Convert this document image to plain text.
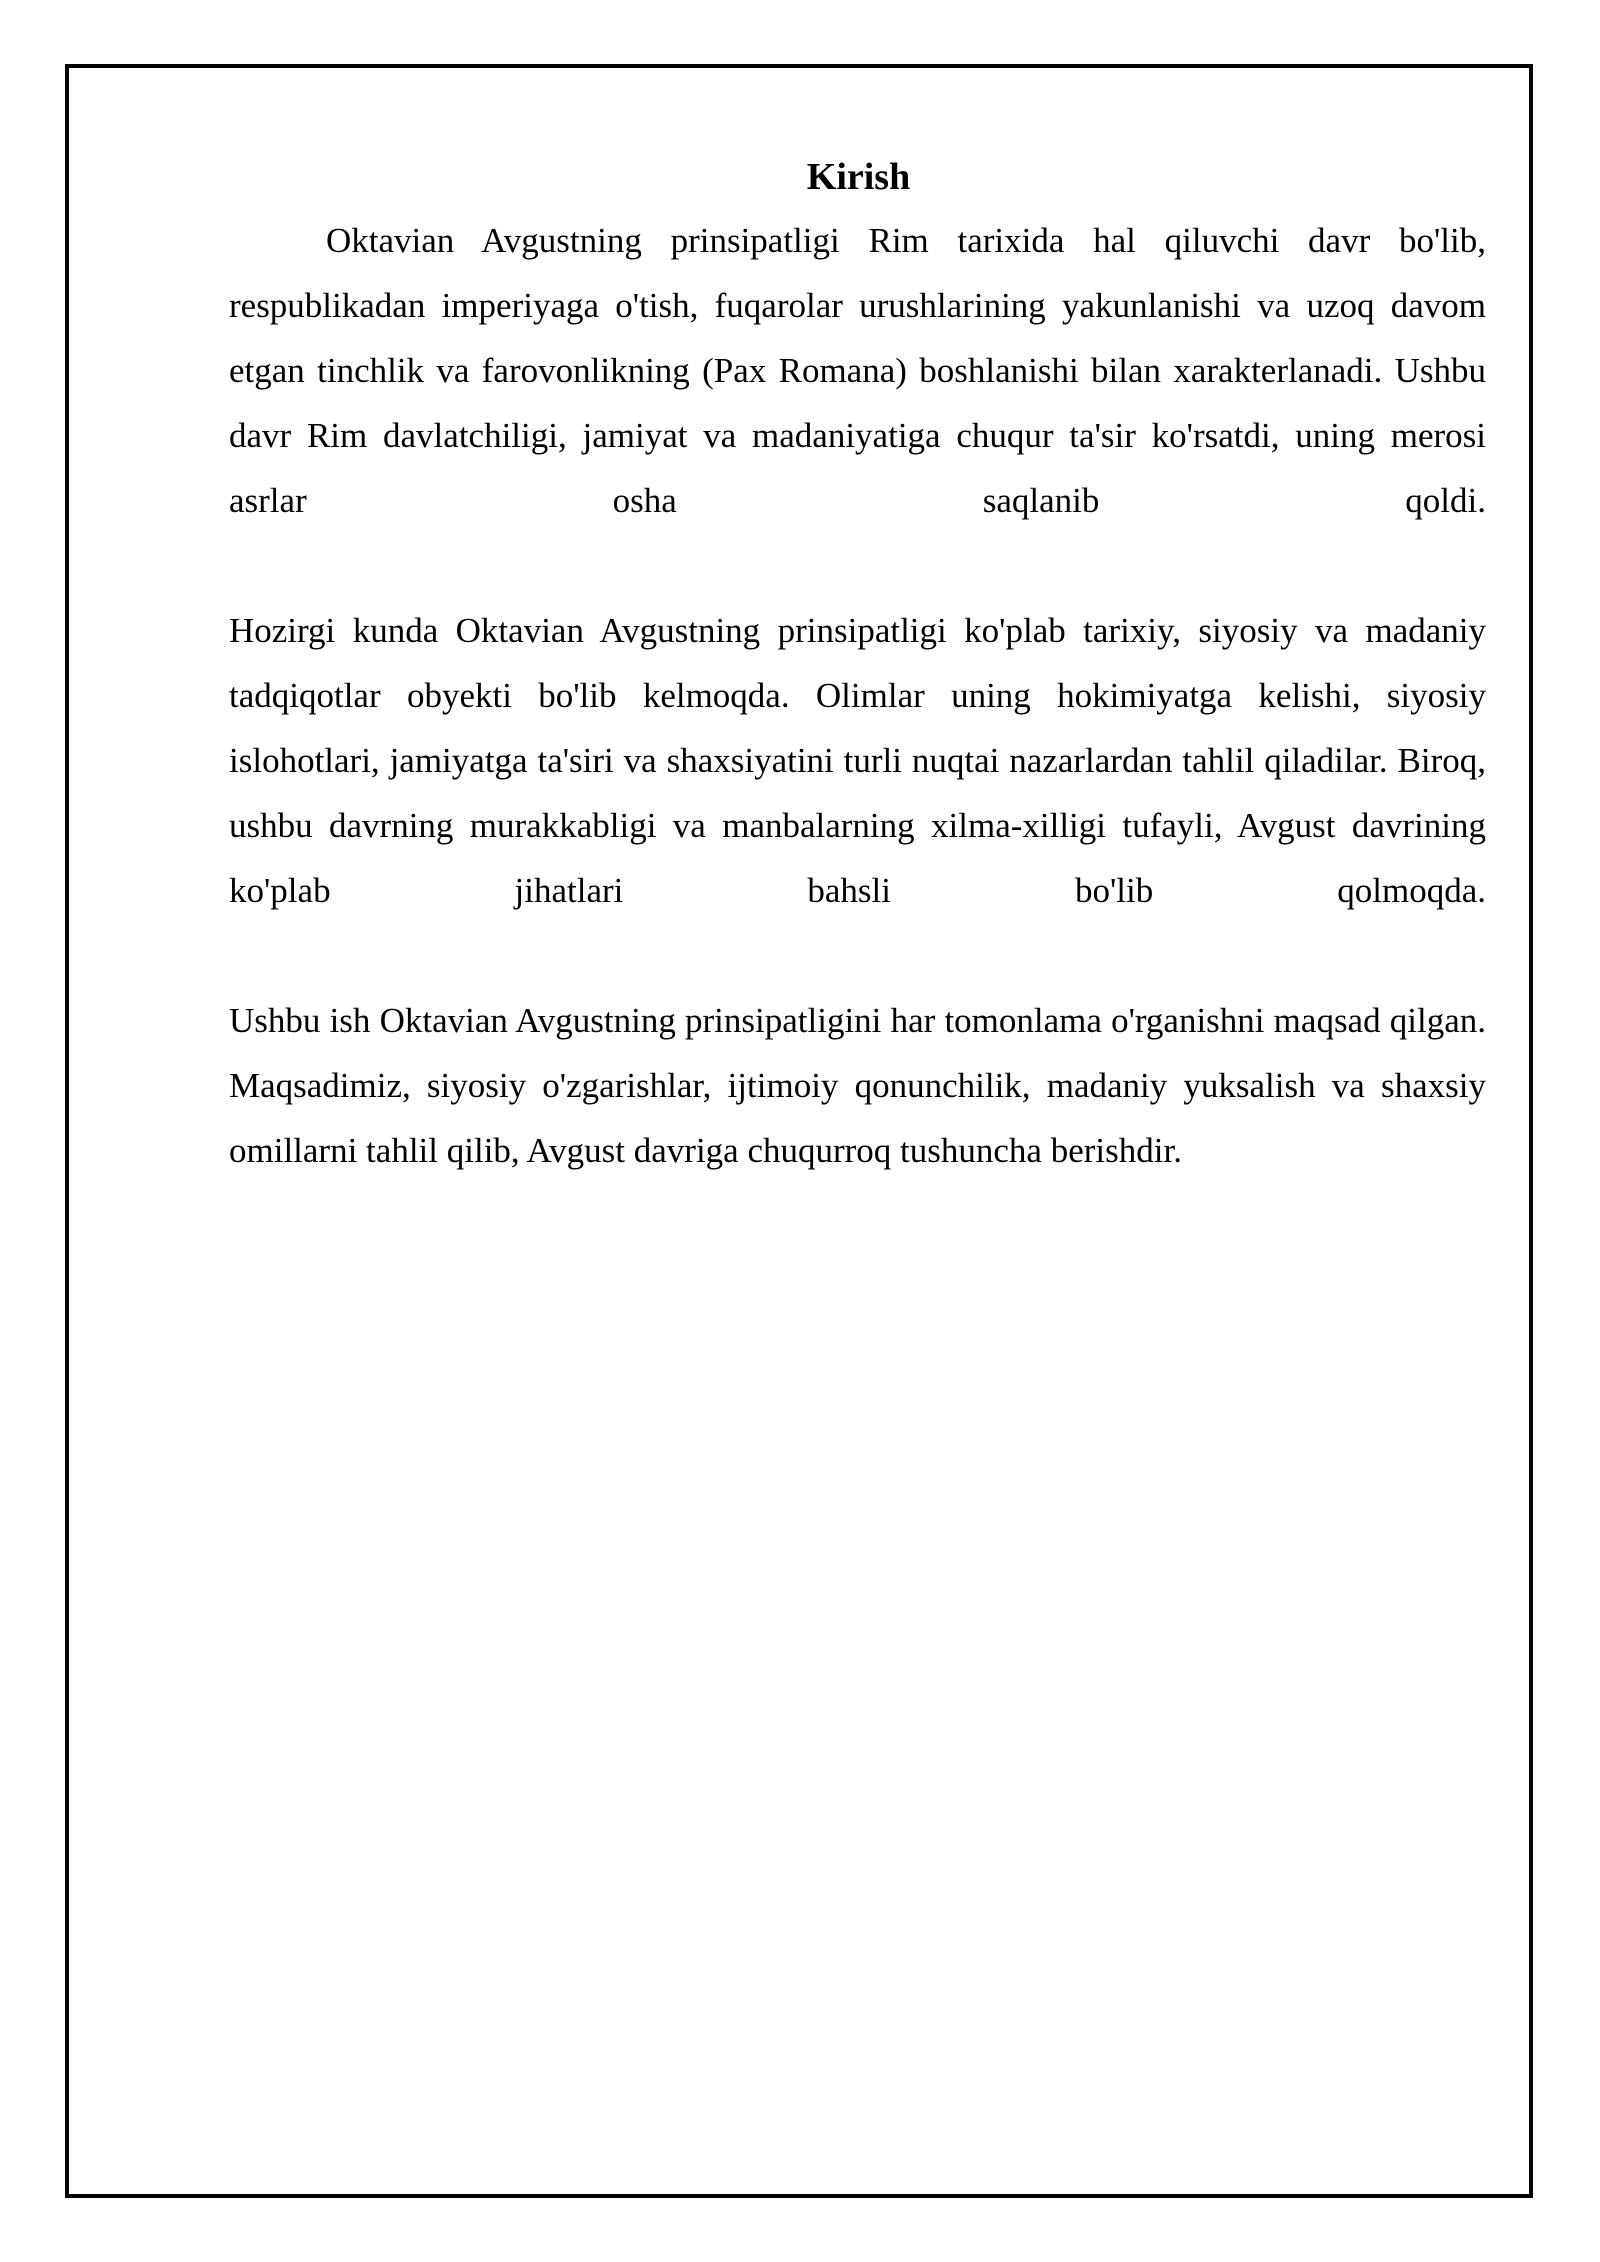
Kirish

Oktavian Avgustning prinsipatligi Rim tarixida hal qiluvchi davr bo'lib, respublikadan imperiyaga o'tish, fuqarolar urushlarining yakunlanishi va uzoq davom etgan tinchlik va farovonlikning (Pax Romana) boshlanishi bilan xarakterlanadi. Ushbu davr Rim davlatchiligi, jamiyat va madaniyatiga chuqur ta'sir ko'rsatdi, uning merosi asrlar osha saqlanib qoldi.

Hozirgi kunda Oktavian Avgustning prinsipatligi ko'plab tarixiy, siyosiy va madaniy tadqiqotlar obyekti bo'lib kelmoqda. Olimlar uning hokimiyatga kelishi, siyosiy islohotlari, jamiyatga ta'siri va shaxsiyatini turli nuqtai nazarlardan tahlil qiladilar. Biroq, ushbu davrning murakkabligi va manbalarning xilma-xilligi tufayli, Avgust davrining ko'plab jihatlari bahsli bo'lib qolmoqda.

Ushbu ish Oktavian Avgustning prinsipatligini har tomonlama o'rganishni maqsad qilgan. Maqsadimiz, siyosiy o'zgarishlar, ijtimoiy qonunchilik, madaniy yuksalish va shaxsiy omillarni tahlil qilib, Avgust davriga chuqurroq tushuncha berishdir.
